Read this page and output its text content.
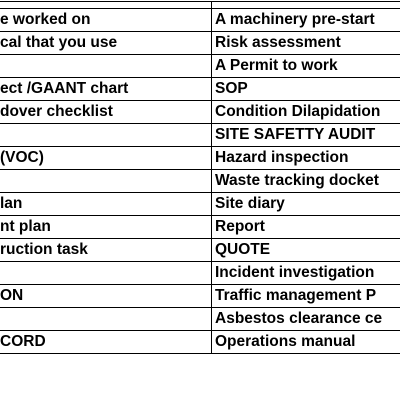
e worked on	A machinery pre-start
cal that you use	Risk assessment
	A Permit to work
ect /GAANT chart	SOP
dover checklist	Condition Dilapidation
	SITE SAFETTY AUDIT
(VOC)	Hazard inspection
	Waste tracking docket
lan	Site diary
nt plan	Report
ruction task	QUOTE
	Incident investigation
ON	Traffic management P
	Asbestos clearance ce
CORD	Operations manual
